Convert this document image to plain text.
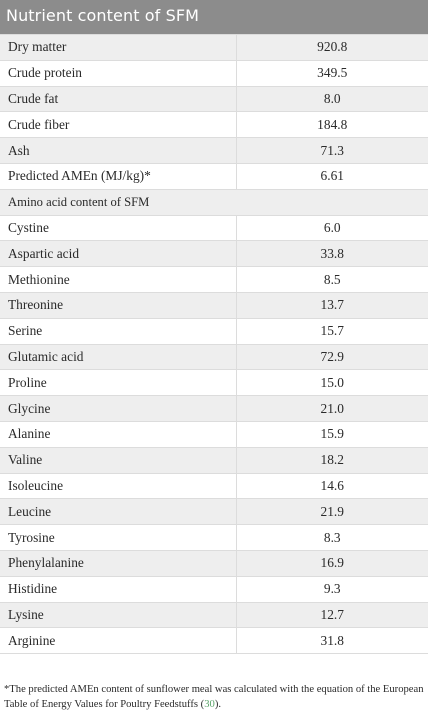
Nutrient content of SFM
Dry matter	920.8
Crude protein	349.5
Crude fat	8.0
Crude fiber	184.8
Ash	71.3
Predicted AMEn (MJ/kg)*	6.61
Amino acid content of SFM	
Cystine	6.0
Aspartic acid	33.8
Methionine	8.5
Threonine	13.7
Serine	15.7
Glutamic acid	72.9
Proline	15.0
Glycine	21.0
Alanine	15.9
Valine	18.2
Isoleucine	14.6
Leucine	21.9
Tyrosine	8.3
Phenylalanine	16.9
Histidine	9.3
Lysine	12.7
Arginine	31.8
*The predicted AMEn content of sunflower meal was calculated with the equation of the European Table of Energy Values for Poultry Feedstuffs (30).
